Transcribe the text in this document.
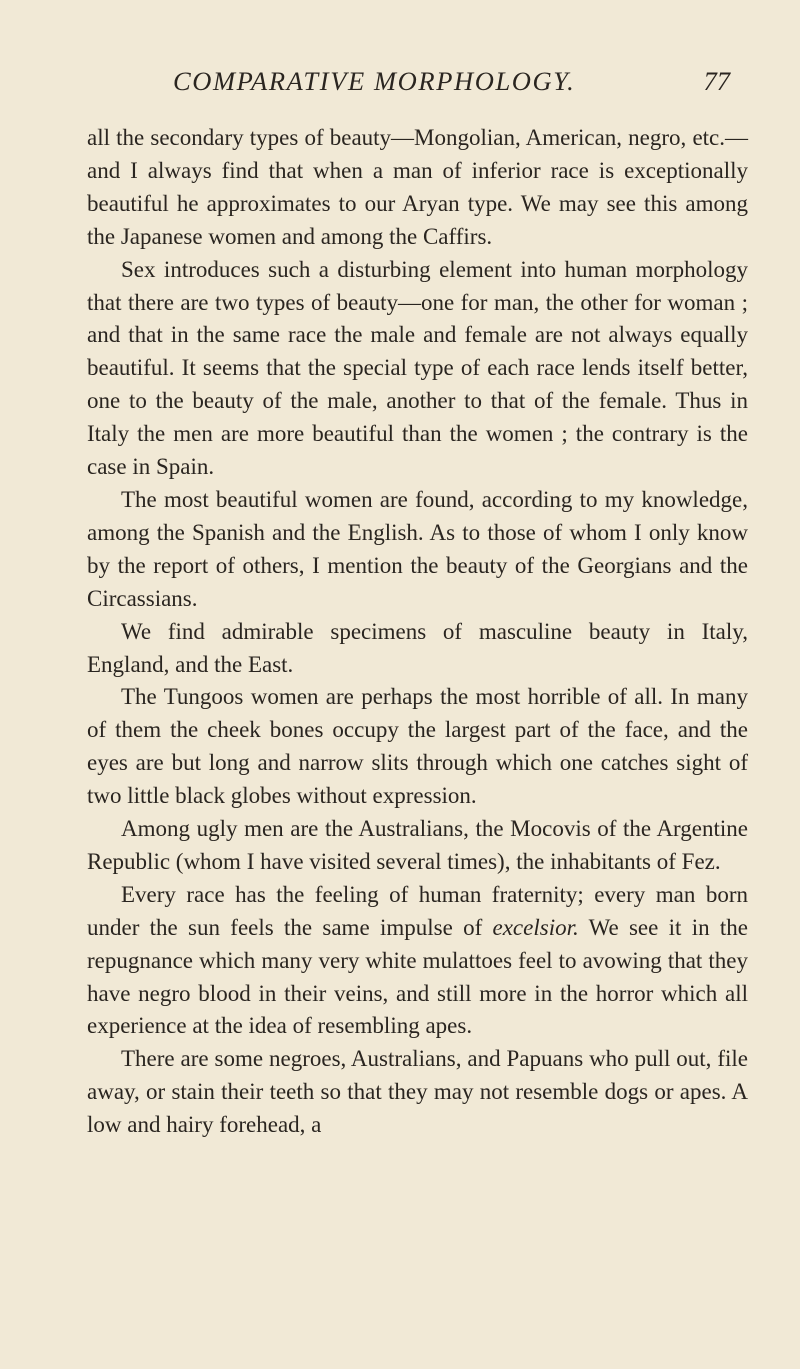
COMPARATIVE MORPHOLOGY.	77

all the secondary types of beauty—Mongolian, American, negro, etc.—and I always find that when a man of inferior race is exceptionally beautiful he approximates to our Aryan type. We may see this among the Japanese women and among the Caffirs.

Sex introduces such a disturbing element into human morphology that there are two types of beauty—one for man, the other for woman ; and that in the same race the male and female are not always equally beautiful. It seems that the special type of each race lends itself better, one to the beauty of the male, another to that of the female. Thus in Italy the men are more beautiful than the women ; the contrary is the case in Spain.

The most beautiful women are found, according to my knowledge, among the Spanish and the English. As to those of whom I only know by the report of others, I mention the beauty of the Georgians and the Circassians.

We find admirable specimens of masculine beauty in Italy, England, and the East.

The Tungoos women are perhaps the most horrible of all. In many of them the cheek bones occupy the largest part of the face, and the eyes are but long and narrow slits through which one catches sight of two little black globes without expression.

Among ugly men are the Australians, the Mocovis of the Argentine Republic (whom I have visited several times), the inhabitants of Fez.

Every race has the feeling of human fraternity; every man born under the sun feels the same impulse of excelsior. We see it in the repugnance which many very white mulattoes feel to avowing that they have negro blood in their veins, and still more in the horror which all experience at the idea of resembling apes.

There are some negroes, Australians, and Papuans who pull out, file away, or stain their teeth so that they may not resemble dogs or apes. A low and hairy forehead, a
